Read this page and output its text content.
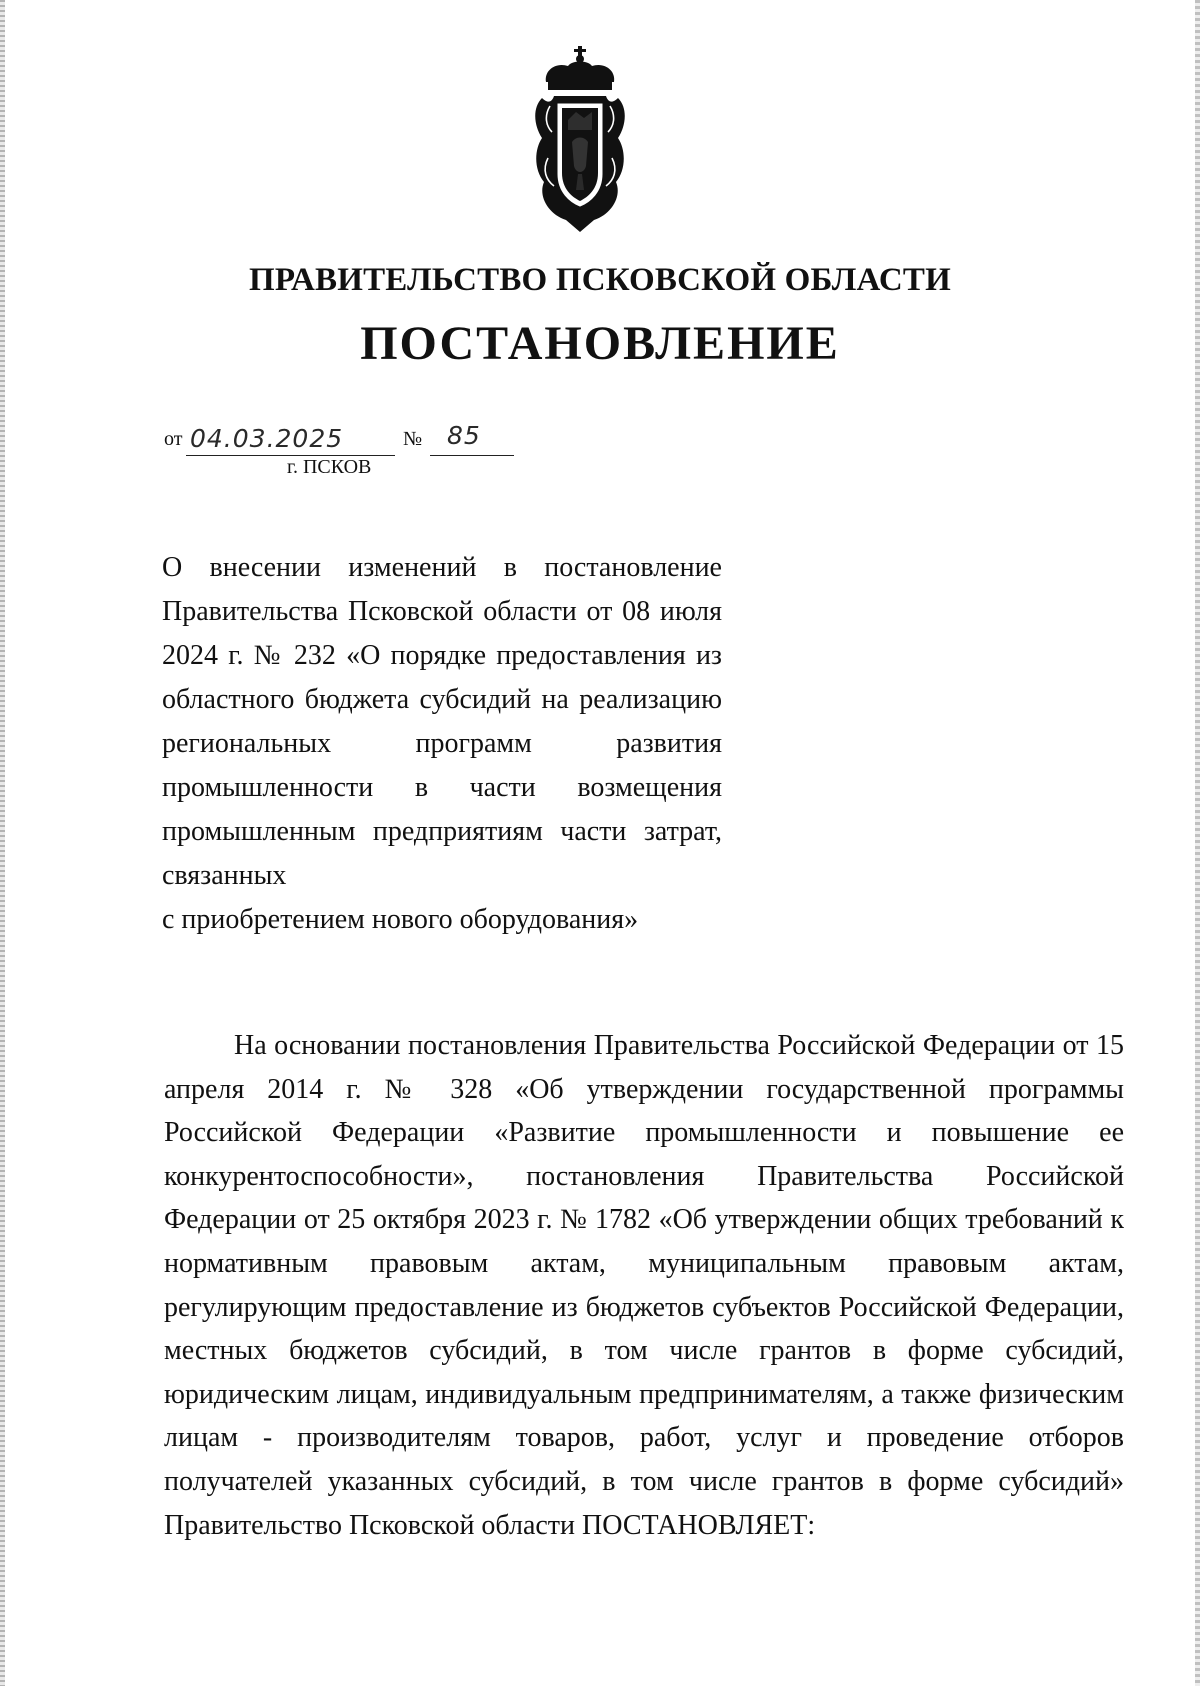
ПРАВИТЕЛЬСТВО ПСКОВСКОЙ ОБЛАСТИ
ПОСТАНОВЛЕНИЕ
от 04.03.2025	№ 85
г. ПСКОВ
О внесении изменений в постановление Правительства Псковской области от 08 июля 2024 г. № 232 «О порядке предоставления из областного бюджета субсидий на реализацию региональных программ развития промышленности в части возмещения промышленным предприятиям части затрат, связанных
с приобретением нового оборудования»
На основании постановления Правительства Российской Федерации от 15 апреля 2014 г. № 328 «Об утверждении государственной программы Российской Федерации «Развитие промышленности и повышение ее конкурентоспособности», постановления Правительства Российской Федерации от 25 октября 2023 г. № 1782 «Об утверждении общих требований к нормативным правовым актам, муниципальным правовым актам, регулирующим предоставление из бюджетов субъектов Российской Федерации, местных бюджетов субсидий, в том числе грантов в форме субсидий, юридическим лицам, индивидуальным предпринимателям, а также физическим лицам - производителям товаров, работ, услуг и проведение отборов получателей указанных субсидий, в том числе грантов в форме субсидий» Правительство Псковской области ПОСТАНОВЛЯЕТ:
